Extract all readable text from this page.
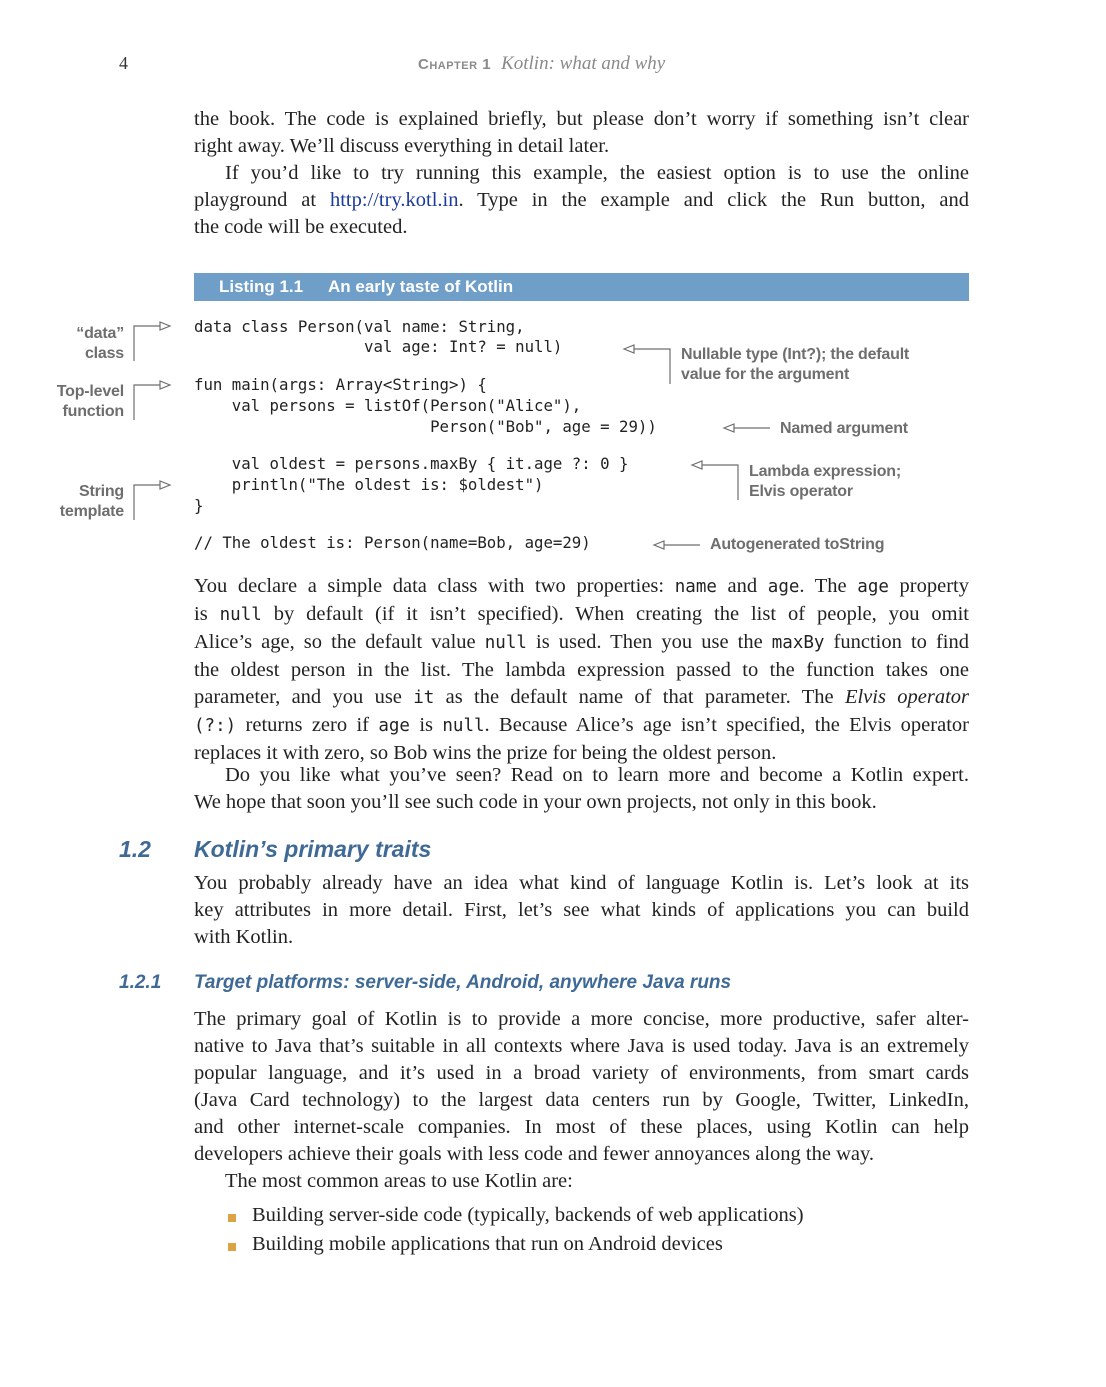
4	Chapter 1 Kotlin: what and why

the book. The code is explained briefly, but please don’t worry if something isn’t clear
right away. We’ll discuss everything in detail later.

If you’d like to try running this example, the easiest option is to use the online
playground at http://try.kotl.in. Type in the example and click the Run button, and
the code will be executed.

Listing 1.1 An early taste of Kotlin
data class Person(val name: String,
val age: Int? = null)
fun main(args: Array<String>) {
val persons = listOf(Person("Alice"),
Person("Bob", age = 29))
val oldest = persons.maxBy { it.age ?: 0 }
println("The oldest is: $oldest")
}
// The oldest is: Person(name=Bob, age=29)
“data”
class
Top-level
function
String
template
Nullable type (Int?); the default
value for the argument
Named argument
Lambda expression;
Elvis operator
Autogenerated toString

You declare a simple data class with two properties: name and age. The age property
is null by default (if it isn’t specified). When creating the list of people, you omit
Alice’s age, so the default value null is used. Then you use the maxBy function to find
the oldest person in the list. The lambda expression passed to the function takes one
parameter, and you use it as the default name of that parameter. The Elvis operator
(?:) returns zero if age is null. Because Alice’s age isn’t specified, the Elvis operator
replaces it with zero, so Bob wins the prize for being the oldest person.

Do you like what you’ve seen? Read on to learn more and become a Kotlin expert.
We hope that soon you’ll see such code in your own projects, not only in this book.

1.2 Kotlin’s primary traits

You probably already have an idea what kind of language Kotlin is. Let’s look at its
key attributes in more detail. First, let’s see what kinds of applications you can build
with Kotlin.

1.2.1 Target platforms: server-side, Android, anywhere Java runs

The primary goal of Kotlin is to provide a more concise, more productive, safer alter-
native to Java that’s suitable in all contexts where Java is used today. Java is an extremely
popular language, and it’s used in a broad variety of environments, from smart cards
(Java Card technology) to the largest data centers run by Google, Twitter, LinkedIn,
and other internet-scale companies. In most of these places, using Kotlin can help
developers achieve their goals with less code and fewer annoyances along the way.
The most common areas to use Kotlin are:

Building server-side code (typically, backends of web applications)
Building mobile applications that run on Android devices
